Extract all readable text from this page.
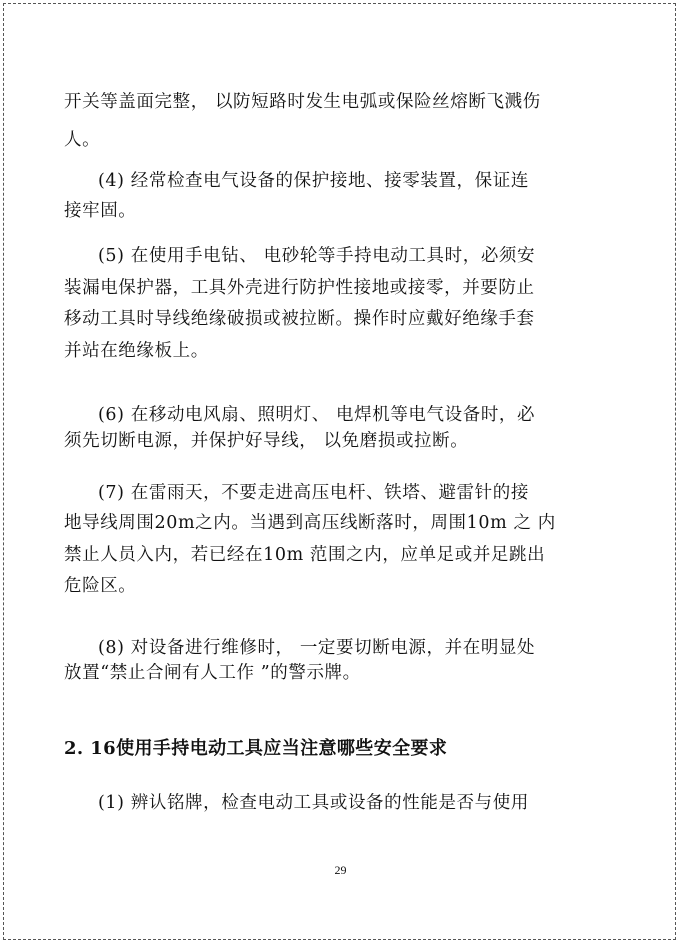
开关等盖面完整， 以防短路时发生电弧或保险丝熔断飞溅伤
人。
(4) 经常检查电气设备的保护接地、接零装置，保证连
接牢固。
(5) 在使用手电钻、 电砂轮等手持电动工具时，必须安
装漏电保护器，工具外壳进行防护性接地或接零，并要防止
移动工具时导线绝缘破损或被拉断。操作时应戴好绝缘手套
并站在绝缘板上。
(6) 在移动电风扇、照明灯、 电焊机等电气设备时，必
须先切断电源，并保护好导线， 以免磨损或拉断。
(7) 在雷雨天，不要走进高压电杆、铁塔、避雷针的接
地导线周围20m之内。当遇到高压线断落时，周围10m 之 内
禁止人员入内，若已经在10m 范围之内，应单足或并足跳出
危险区。
(8) 对设备进行维修时， 一定要切断电源，并在明显处
放置“禁止合闸有人工作 ”的警示牌。
2. 16使用手持电动工具应当注意哪些安全要求
(1) 辨认铭牌，检查电动工具或设备的性能是否与使用
29
